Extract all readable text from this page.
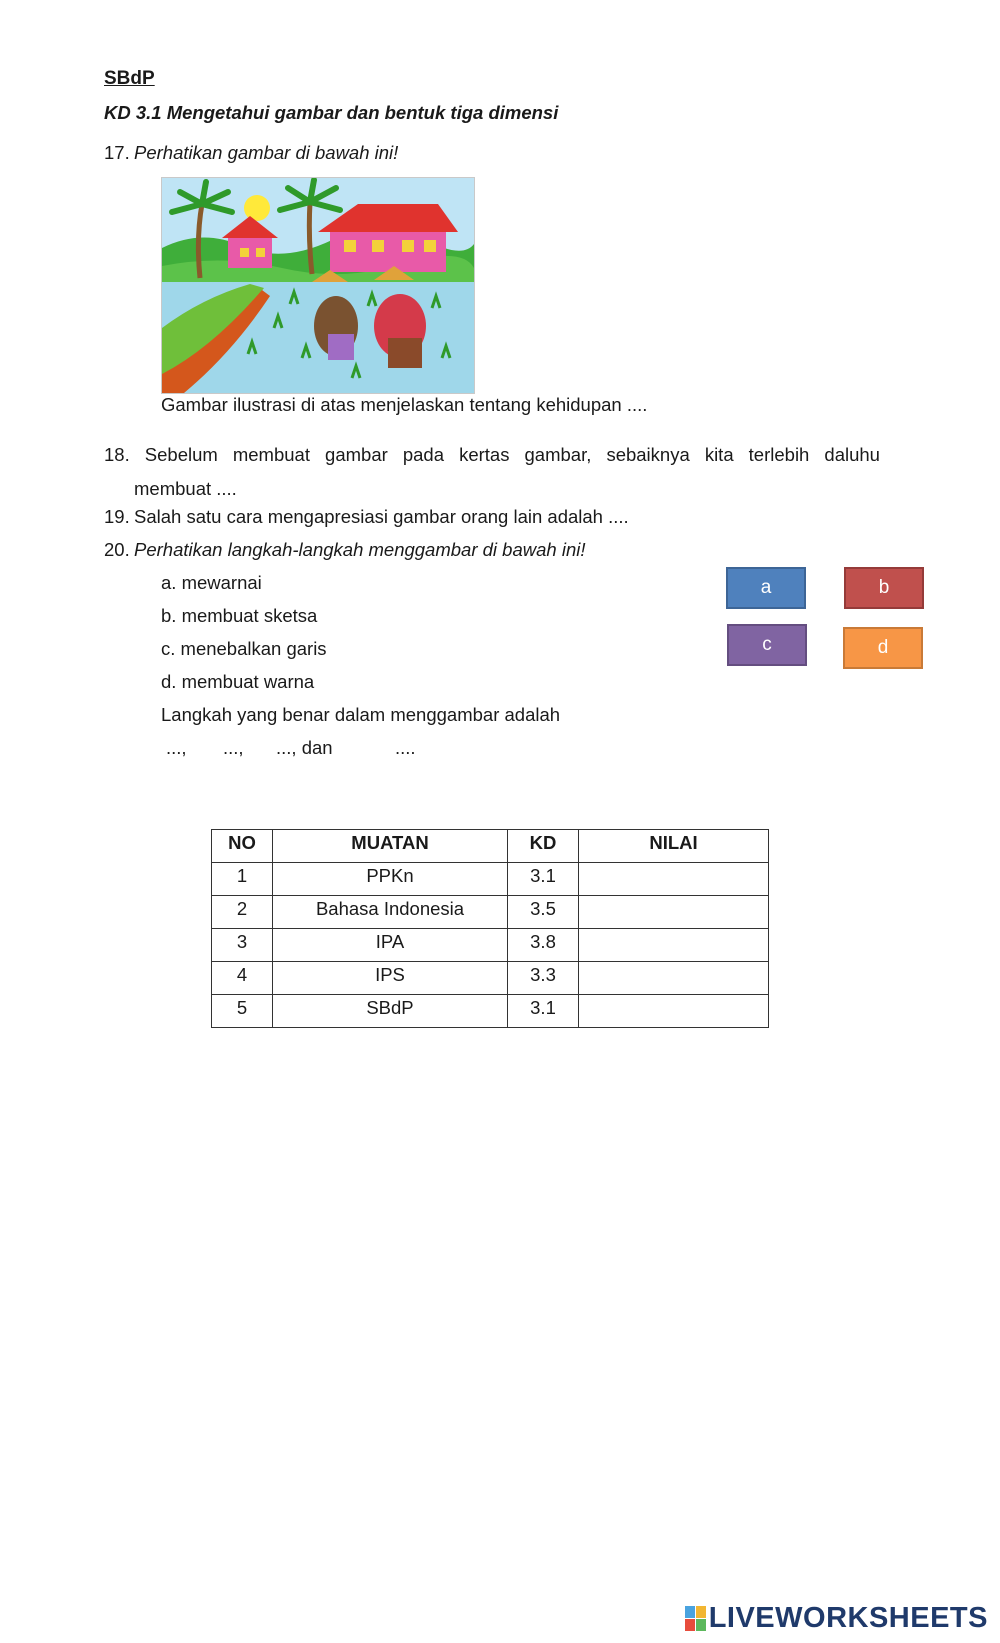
SBdP
KD 3.1 Mengetahui gambar dan bentuk tiga dimensi
17. Perhatikan gambar di bawah ini!
Gambar ilustrasi di atas menjelaskan tentang kehidupan ....
18. Sebelum membuat gambar pada kertas gambar, sebaiknya kita terlebih daluhu
membuat ....
19. Salah satu cara mengapresiasi gambar orang lain adalah ....
20. Perhatikan langkah-langkah menggambar di bawah ini!
a. mewarnai
b. membuat sketsa
c. menebalkan garis
d. membuat warna
Langkah yang benar dalam menggambar adalah
..., ..., ..., dan	....
a	b
c	d
NO	MUATAN	KD	NILAI
1	PPKn	3.1	
2	Bahasa Indonesia	3.5	
3	IPA	3.8	
4	IPS	3.3	
5	SBdP	3.1	
LIVEWORKSHEETS
